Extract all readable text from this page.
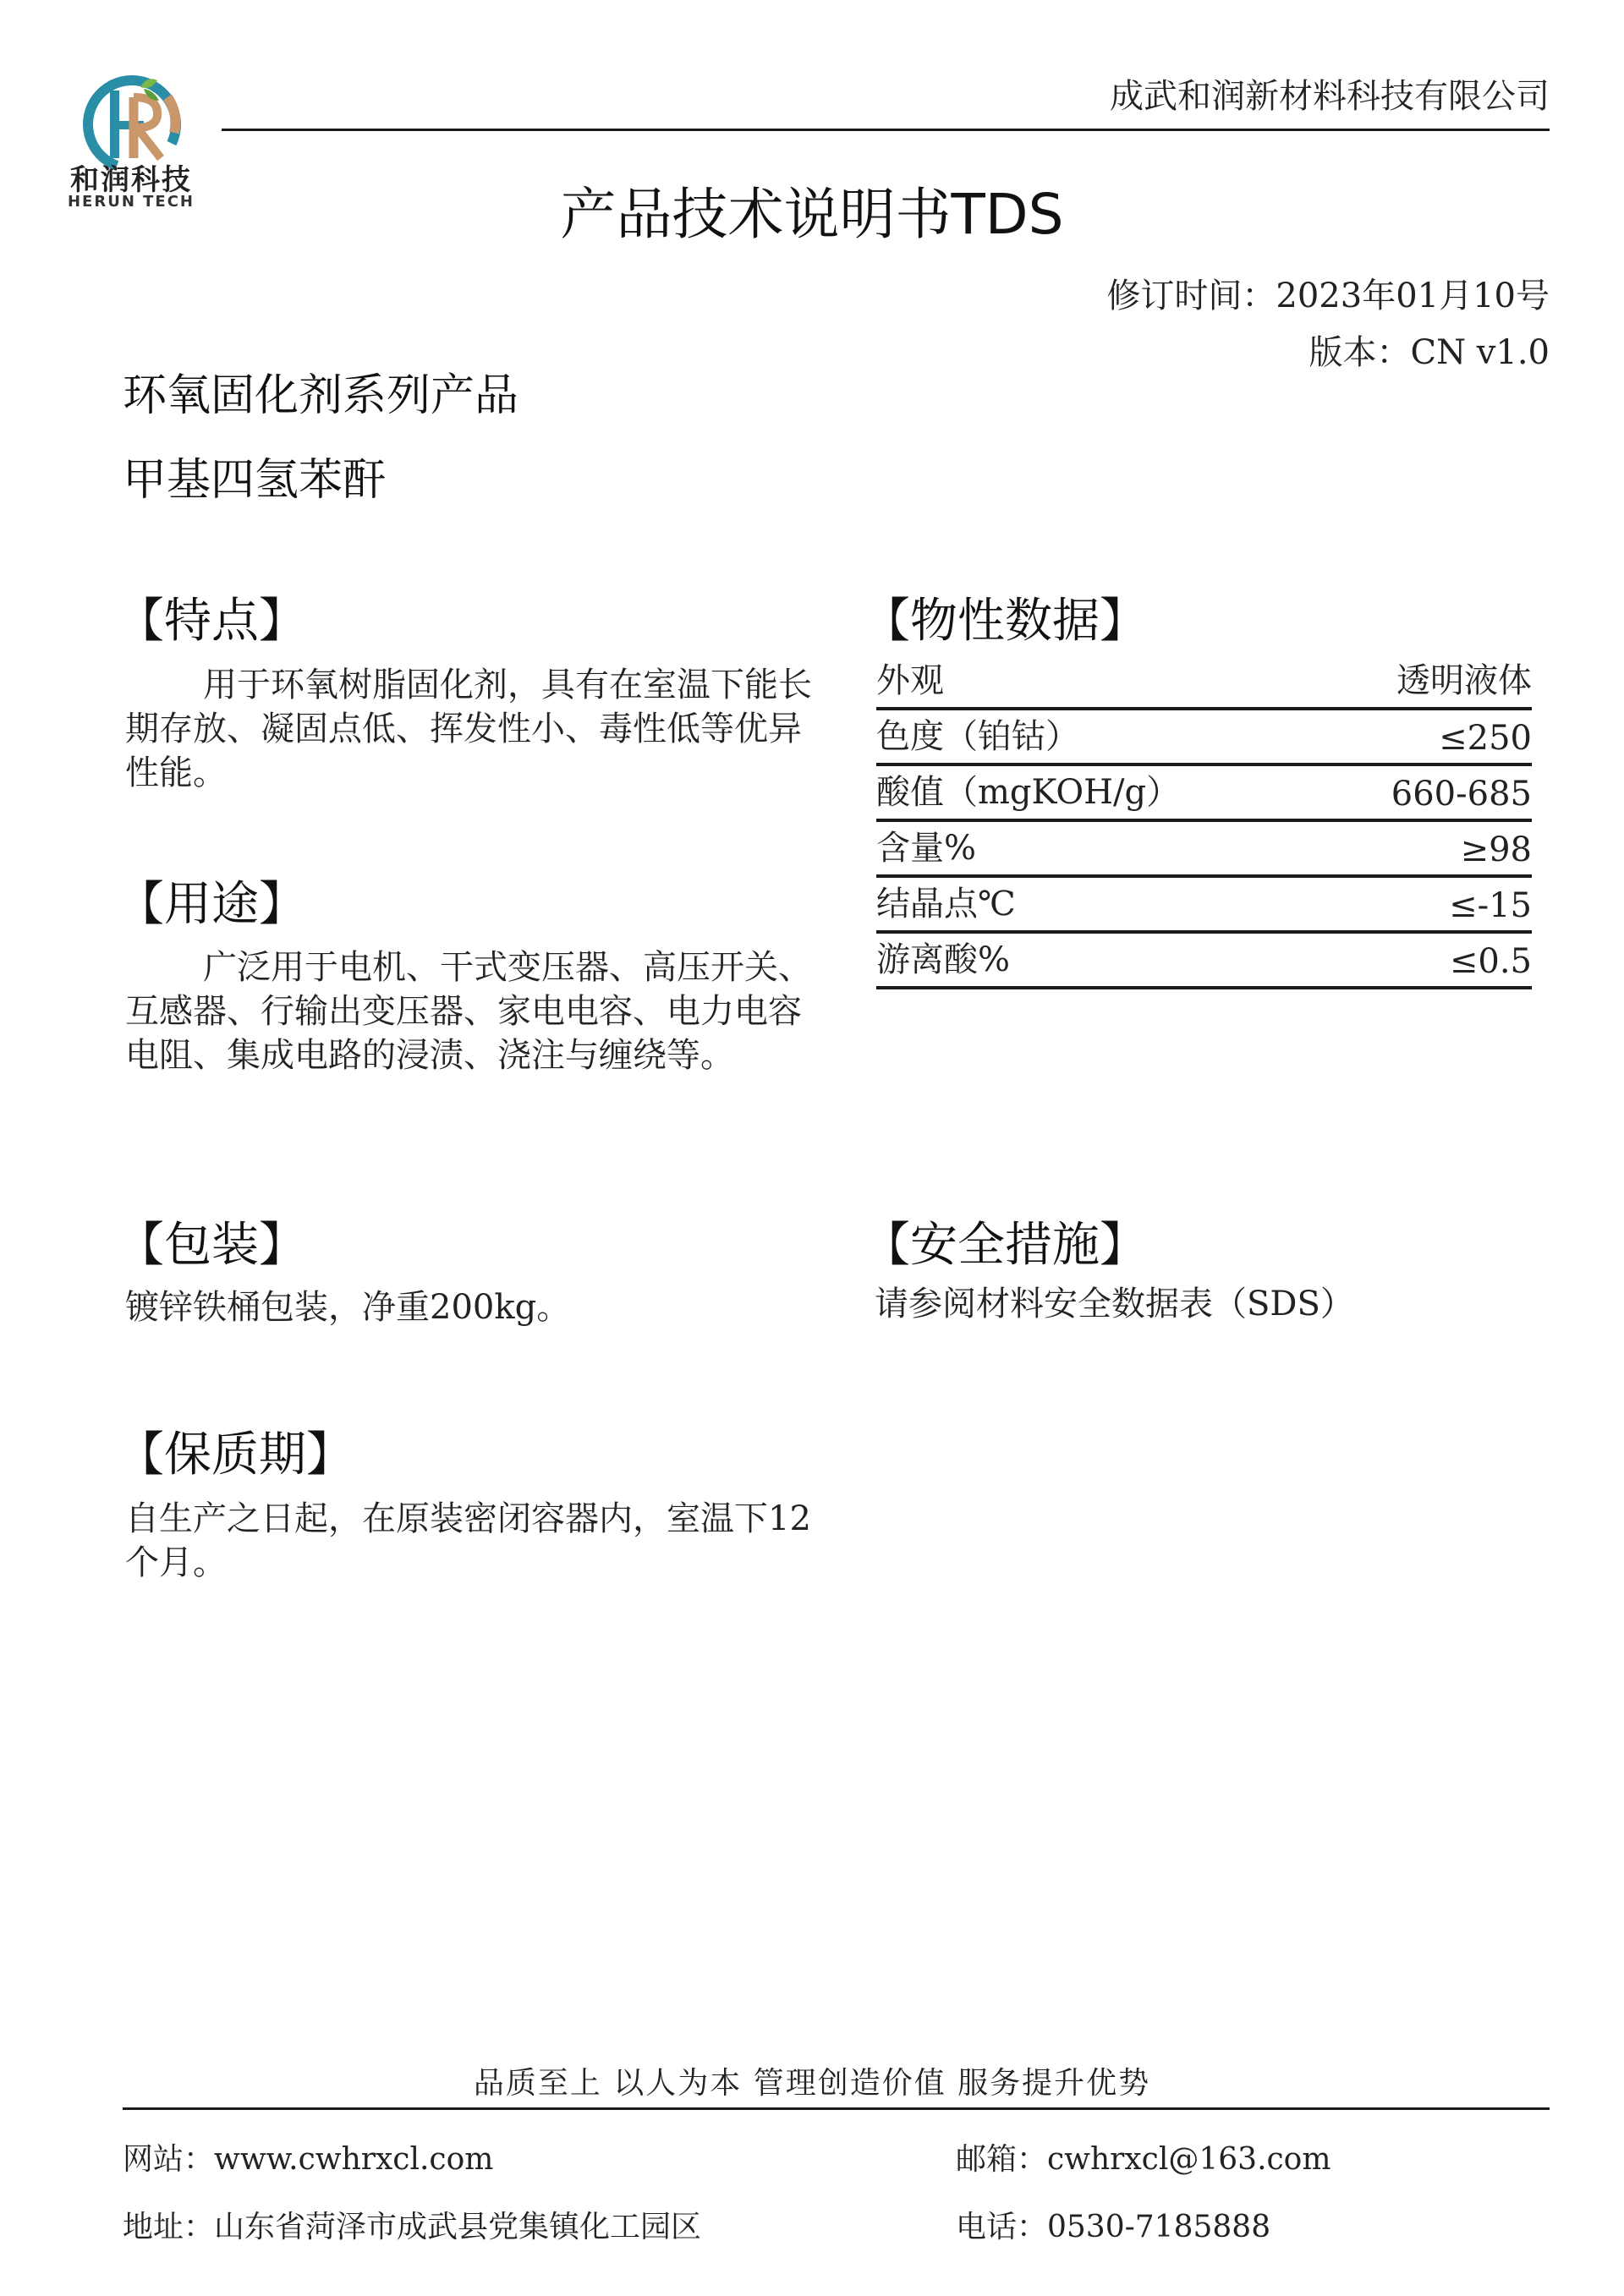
和润科技
HERUN TECH
成武和润新材料科技有限公司
产品技术说明书TDS
修订时间：2023年01月10号
版本：CN v1.0
环氧固化剂系列产品
甲基四氢苯酐
【特点】
用于环氧树脂固化剂，具有在室温下能长期存放、凝固点低、挥发性小、毒性低等优异性能。
【用途】
广泛用于电机、干式变压器、高压开关、互感器、行输出变压器、家电电容、电力电容电阻、集成电路的浸渍、浇注与缠绕等。
【包装】
镀锌铁桶包装，净重200kg。
【保质期】
自生产之日起，在原装密闭容器内，室温下12个月。
【物性数据】
外观	透明液体
色度（铂钴）	≤250
酸值（mgKOH/g）	660-685
含量%	≥98
结晶点℃	≤-15
游离酸%	≤0.5
【安全措施】
请参阅材料安全数据表（SDS）
品质至上 以人为本 管理创造价值 服务提升优势
网站：www.cwhrxcl.com	邮箱：cwhrxcl@163.com
地址：山东省菏泽市成武县党集镇化工园区	电话：0530-7185888
